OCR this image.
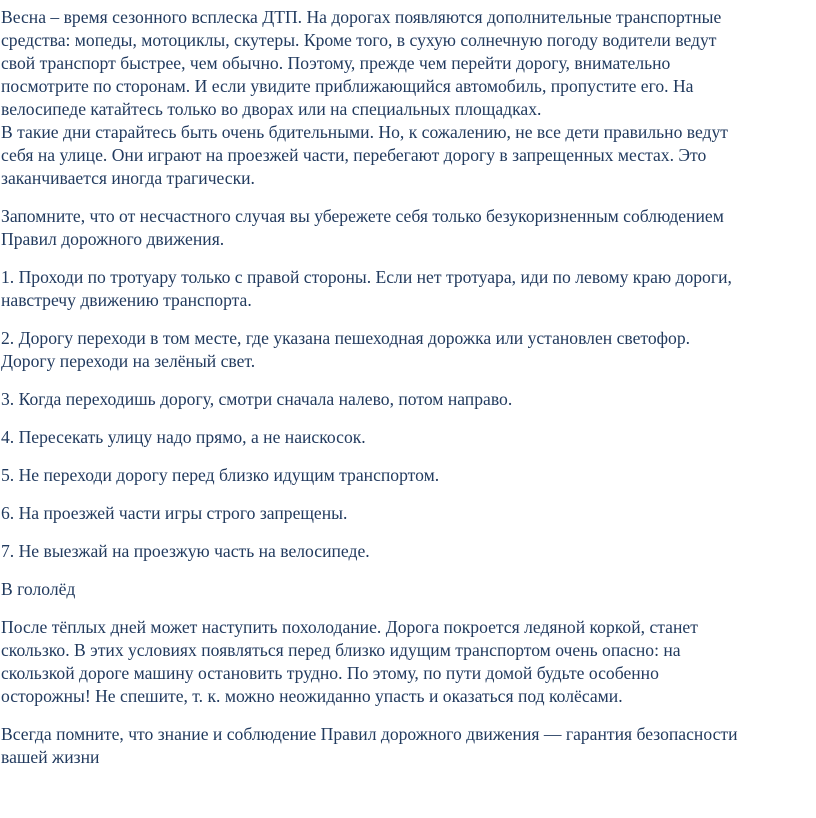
Весна – время сезонного всплеска ДТП. На дорогах появляются дополнительные транспортные
средства: мопеды, мотоциклы, скутеры. Кроме того, в сухую солнечную погоду водители ведут
свой транспорт быстрее, чем обычно. Поэтому, прежде чем перейти дорогу, внимательно
посмотрите по сторонам. И если увидите приближающийся автомобиль, пропустите его. На
велосипеде катайтесь только во дворах или на специальных площадках.
В такие дни старайтесь быть очень бдительными. Но, к сожалению, не все дети правильно ведут
себя на улице. Они играют на проезжей части, перебегают дорогу в запрещенных местах. Это
заканчивается иногда трагически.
Запомните, что от несчастного случая вы убережете себя только безукоризненным соблюдением
Правил дорожного движения.
1. Проходи по тротуару только с правой стороны. Если нет тротуара, иди по левому краю дороги,
навстречу движению транспорта.
2. Дорогу переходи в том месте, где указана пешеходная дорожка или установлен светофор.
Дорогу переходи на зелёный свет.
3. Когда переходишь дорогу, смотри сначала налево, потом направо.
4. Пересекать улицу надо прямо, а не наискосок.
5. Не переходи дорогу перед близко идущим транспортом.
6. На проезжей части игры строго запрещены.
7. Не выезжай на проезжую часть на велосипеде.
В гололёд
После тёплых дней может наступить похолодание. Дорога покроется ледяной коркой, станет
скользко. В этих условиях появляться перед близко идущим транспортом очень опасно: на
скользкой дороге машину остановить трудно. По этому, по пути домой будьте особенно
осторожны! Не спешите, т. к. можно неожиданно упасть и оказаться под колёсами.
Всегда помните, что знание и соблюдение Правил дорожного движения — гарантия безопасности
вашей жизни
